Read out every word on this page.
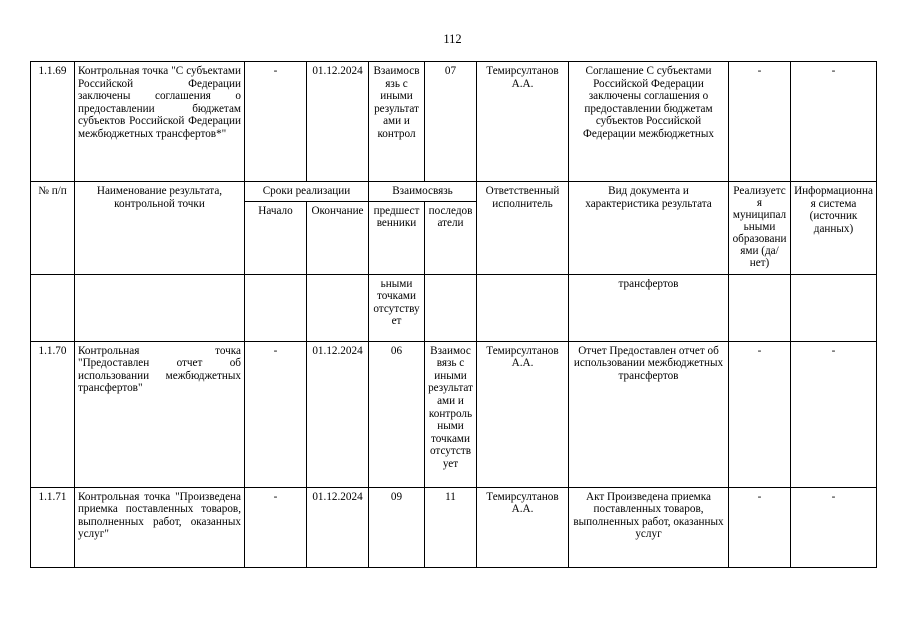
112
1.1.69	Контрольная точка "С субъектами Российской Федерации заключены соглашения о предоставлении бюджетам субъектов Российской Федерации межбюджетных трансфертов*"	-	01.12.2024	Взаимосвязь с иными результатами и контрол	07	Темирсултанов А.А.	Соглашение С субъектами Российской Федерации заключены соглашения о предоставлении бюджетам субъектов Российской Федерации межбюджетных	-	-
№ п/п	Наименование результата, контрольной точки	Сроки реализации		Взаимосвязь		Ответственный исполнитель	Вид документа и характеристика результата	Реализуется муниципальными образованиями (да/нет)	Информационная система (источник данных)
		Начало	Окончание	предшественники	последователи				
				ьными точками отсутствует			трансфертов		
1.1.70	Контрольная точка "Предоставлен отчет об использовании межбюджетных трансфертов"	-	01.12.2024	06	Взаимосвязь с иными результатами и контрольными точками отсутствует	Темирсултанов А.А.	Отчет Предоставлен отчет об использовании межбюджетных трансфертов	-	-
1.1.71	Контрольная точка "Произведена приемка поставленных товаров, выполненных работ, оказанных услуг"	-	01.12.2024	09	11	Темирсултанов А.А.	Акт Произведена приемка поставленных товаров, выполненных работ, оказанных услуг	-	-
